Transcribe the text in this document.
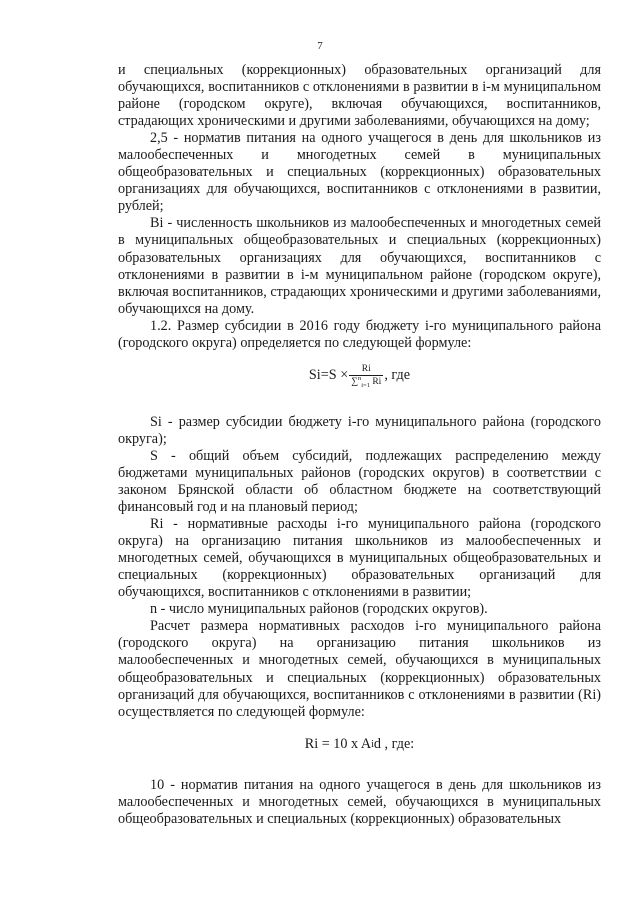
7

и специальных (коррекционных) образовательных организаций для обучающихся, воспитанников с отклонениями в развитии в i-м муниципальном районе (городском округе), включая обучающихся, воспитанников, страдающих хроническими и другими заболеваниями, обучающихся на дому;

2,5 - норматив питания на одного учащегося в день для школьников из малообеспеченных и многодетных семей в муниципальных общеобразовательных и специальных (коррекционных) образовательных организациях для обучающихся, воспитанников с отклонениями в развитии, рублей;

Bi - численность школьников из малообеспеченных и многодетных семей в муниципальных общеобразовательных и специальных (коррекционных) образовательных организациях для обучающихся, воспитанников с отклонениями в развитии в i-м муниципальном районе (городском округе), включая воспитанников, страдающих хроническими и другими заболеваниями, обучающихся на дому.

1.2. Размер субсидии в 2016 году бюджету i-го муниципального района (городского округа) определяется по следующей формуле:

$Si=S \times \frac{Ri}{\sum^n_{i=1} Ri}$ , где

Si - размер субсидии бюджету i-го муниципального района (городского округа);

S - общий объем субсидий, подлежащих распределению между бюджетами муниципальных районов (городских округов) в соответствии с законом Брянской области об областном бюджете на соответствующий финансовый год и на плановый период;

Ri - нормативные расходы i-го муниципального района (городского округа) на организацию питания школьников из малообеспеченных и многодетных семей, обучающихся в муниципальных общеобразовательных и специальных (коррекционных) образовательных организаций для обучающихся, воспитанников с отклонениями в развитии;

n - число муниципальных районов (городских округов).

Расчет размера нормативных расходов i-го муниципального района (городского округа) на организацию питания школьников из малообеспеченных и многодетных семей, обучающихся в муниципальных общеобразовательных и специальных (коррекционных) образовательных организаций для обучающихся, воспитанников с отклонениями в развитии (Ri) осуществляется по следующей формуле:

Ri = 10 x A i d , где:

10 - норматив питания на одного учащегося в день для школьников из малообеспеченных и многодетных семей, обучающихся в муниципальных общеобразовательных и специальных (коррекционных) образовательных
